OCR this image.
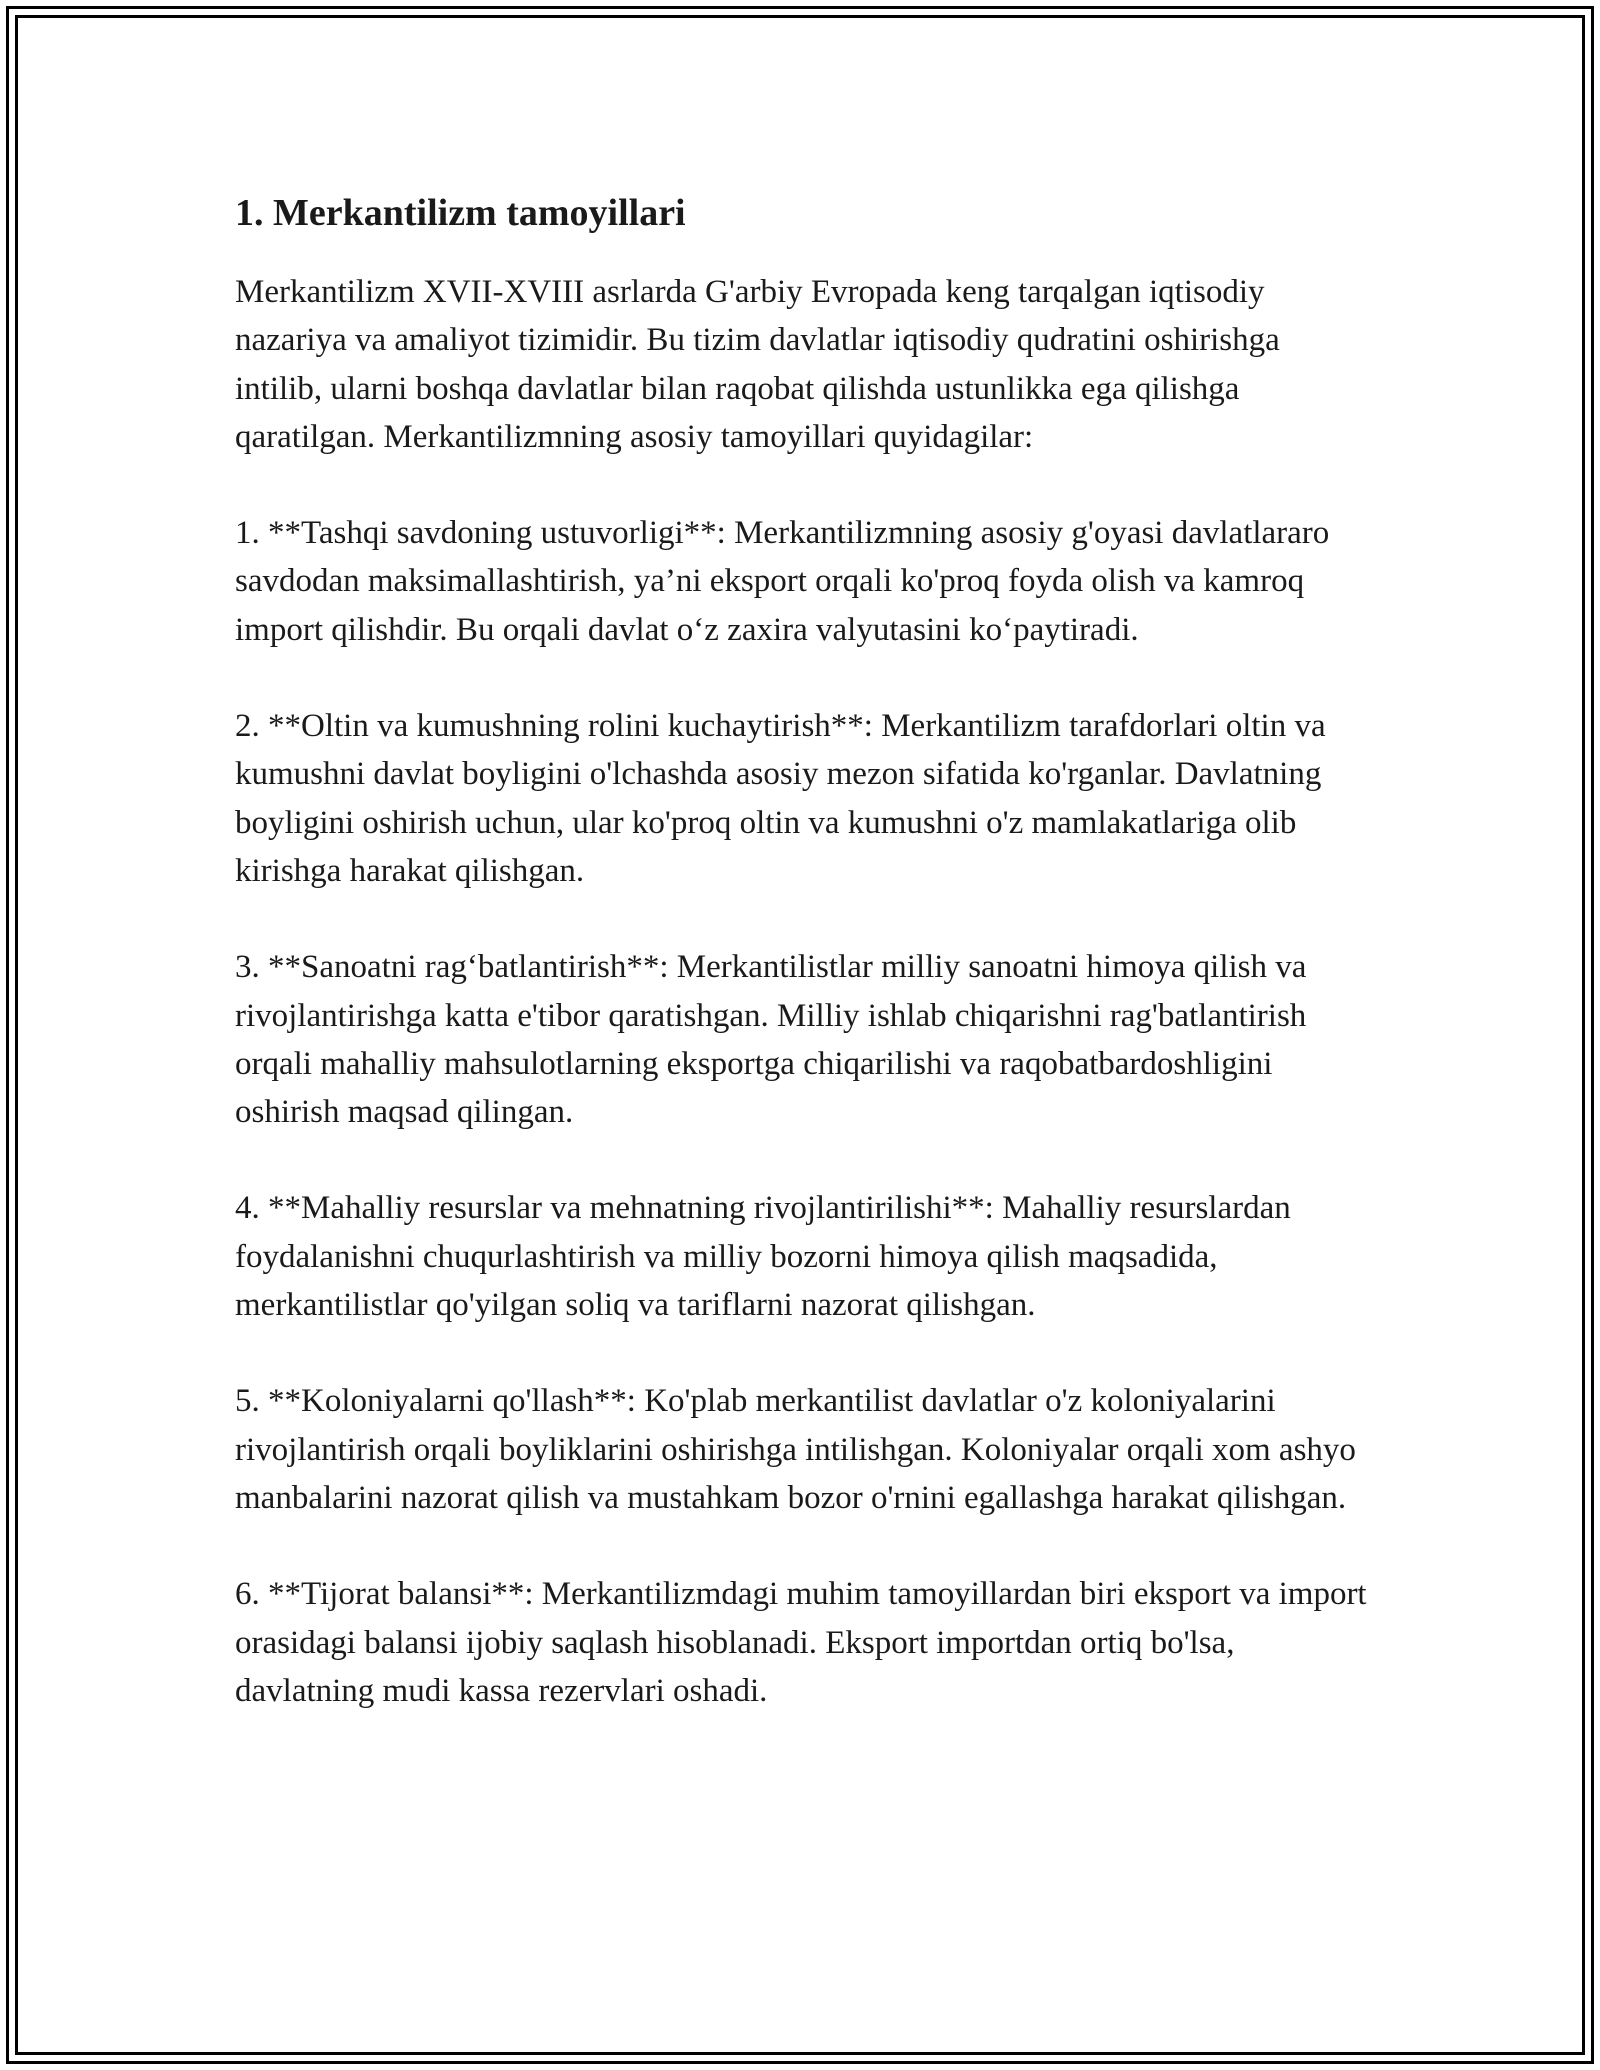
1. Merkantilizm tamoyillari

Merkantilizm XVII-XVIII asrlarda G'arbiy Evropada keng tarqalgan iqtisodiy nazariya va amaliyot tizimidir. Bu tizim davlatlar iqtisodiy qudratini oshirishga intilib, ularni boshqa davlatlar bilan raqobat qilishda ustunlikka ega qilishga qaratilgan. Merkantilizmning asosiy tamoyillari quyidagilar:

1. **Tashqi savdoning ustuvorligi**: Merkantilizmning asosiy g'oyasi davlatlararo savdodan maksimallashtirish, ya’ni eksport orqali ko'proq foyda olish va kamroq import qilishdir. Bu orqali davlat o‘z zaxira valyutasini ko‘paytiradi.

2. **Oltin va kumushning rolini kuchaytirish**: Merkantilizm tarafdorlari oltin va kumushni davlat boyligini o'lchashda asosiy mezon sifatida ko'rganlar. Davlatning boyligini oshirish uchun, ular ko'proq oltin va kumushni o'z mamlakatlariga olib kirishga harakat qilishgan.

3. **Sanoatni rag‘batlantirish**: Merkantilistlar milliy sanoatni himoya qilish va rivojlantirishga katta e'tibor qaratishgan. Milliy ishlab chiqarishni rag'batlantirish orqali mahalliy mahsulotlarning eksportga chiqarilishi va raqobatbardoshligini oshirish maqsad qilingan.

4. **Mahalliy resurslar va mehnatning rivojlantirilishi**: Mahalliy resurslardan foydalanishni chuqurlashtirish va milliy bozorni himoya qilish maqsadida, merkantilistlar qo'yilgan soliq va tariflarni nazorat qilishgan.

5. **Koloniyalarni qo'llash**: Ko'plab merkantilist davlatlar o'z koloniyalarini rivojlantirish orqali boyliklarini oshirishga intilishgan. Koloniyalar orqali xom ashyo manbalarini nazorat qilish va mustahkam bozor o'rnini egallashga harakat qilishgan.

6. **Tijorat balansi**: Merkantilizmdagi muhim tamoyillardan biri eksport va import orasidagi balansi ijobiy saqlash hisoblanadi. Eksport importdan ortiq bo'lsa, davlatning mudi kassa rezervlari oshadi.
